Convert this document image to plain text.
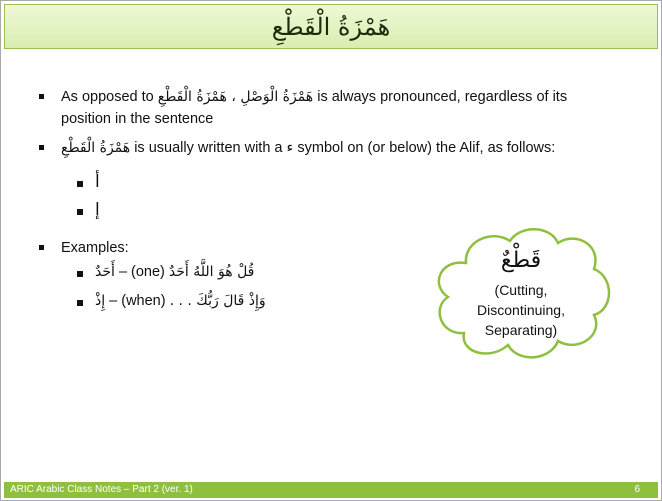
هَمْزَةُ الْقَطْعِ
As opposed to هَمْزَةُ الْوَصْلِ ، هَمْزَةُ الْقَطْعِ is always pronounced, regardless of its
position in the sentence
هَمْزَةُ الْقَطْعِ is usually written with a ء symbol on (or below) the Alif, as follows:
أ
إ
Examples:
أَحَدٌ – (one) قُلْ هُوَ اللَّهُ أَحَدٌ
إِذْ – (when) وَإِذْ قَالَ رَبُّكَ . . .
قَطْعٌ
(Cutting,
Discontinuing,
Separating)
ARIC Arabic Class Notes – Part 2 (ver. 1)	6
